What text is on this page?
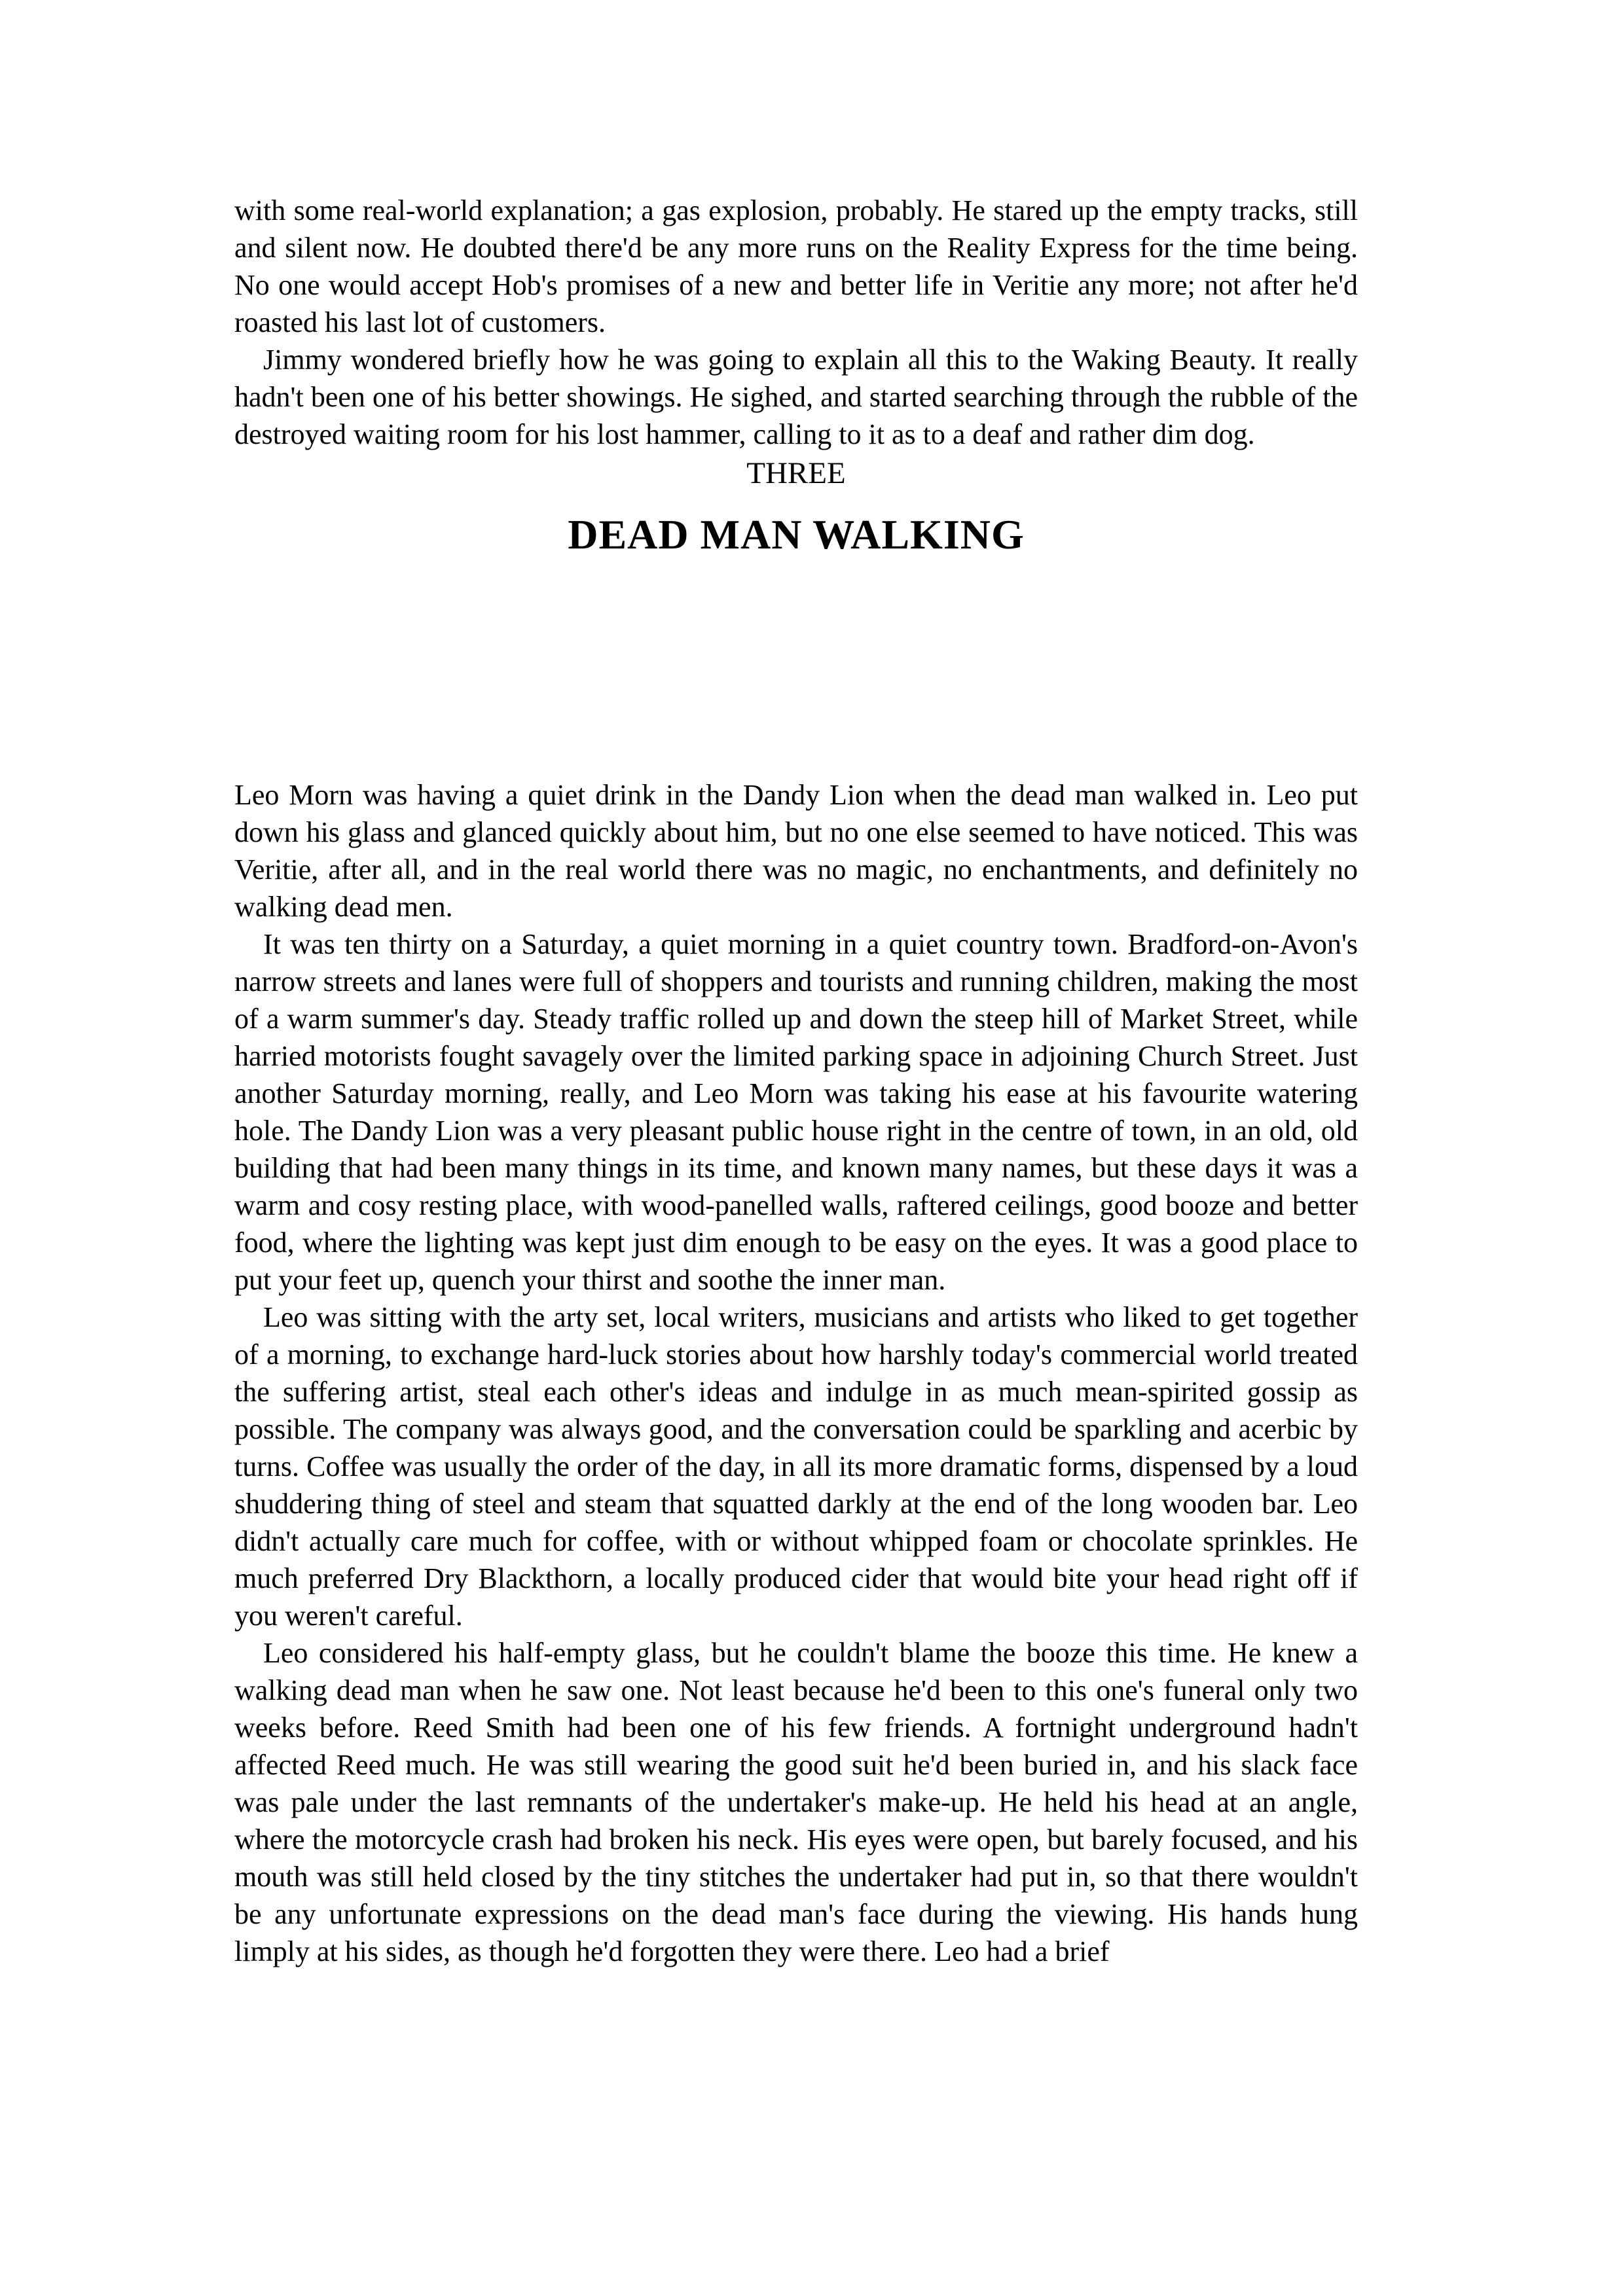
with some real-world explanation; a gas explosion, probably. He stared up the empty tracks, still and silent now. He doubted there'd be any more runs on the Reality Express for the time being. No one would accept Hob's promises of a new and better life in Veritie any more; not after he'd roasted his last lot of customers.

Jimmy wondered briefly how he was going to explain all this to the Waking Beauty. It really hadn't been one of his better showings. He sighed, and started searching through the rubble of the destroyed waiting room for his lost hammer, calling to it as to a deaf and rather dim dog.

THREE
DEAD MAN WALKING

Leo Morn was having a quiet drink in the Dandy Lion when the dead man walked in. Leo put down his glass and glanced quickly about him, but no one else seemed to have noticed. This was Veritie, after all, and in the real world there was no magic, no enchantments, and definitely no walking dead men.

It was ten thirty on a Saturday, a quiet morning in a quiet country town. Bradford-on-Avon's narrow streets and lanes were full of shoppers and tourists and running children, making the most of a warm summer's day. Steady traffic rolled up and down the steep hill of Market Street, while harried motorists fought savagely over the limited parking space in adjoining Church Street. Just another Saturday morning, really, and Leo Morn was taking his ease at his favourite watering hole. The Dandy Lion was a very pleasant public house right in the centre of town, in an old, old building that had been many things in its time, and known many names, but these days it was a warm and cosy resting place, with wood-panelled walls, raftered ceilings, good booze and better food, where the lighting was kept just dim enough to be easy on the eyes. It was a good place to put your feet up, quench your thirst and soothe the inner man.

Leo was sitting with the arty set, local writers, musicians and artists who liked to get together of a morning, to exchange hard-luck stories about how harshly today's commercial world treated the suffering artist, steal each other's ideas and indulge in as much mean-spirited gossip as possible. The company was always good, and the conversation could be sparkling and acerbic by turns. Coffee was usually the order of the day, in all its more dramatic forms, dispensed by a loud shuddering thing of steel and steam that squatted darkly at the end of the long wooden bar. Leo didn't actually care much for coffee, with or without whipped foam or chocolate sprinkles. He much preferred Dry Blackthorn, a locally produced cider that would bite your head right off if you weren't careful.

Leo considered his half-empty glass, but he couldn't blame the booze this time. He knew a walking dead man when he saw one. Not least because he'd been to this one's funeral only two weeks before. Reed Smith had been one of his few friends. A fortnight underground hadn't affected Reed much. He was still wearing the good suit he'd been buried in, and his slack face was pale under the last remnants of the undertaker's make-up. He held his head at an angle, where the motorcycle crash had broken his neck. His eyes were open, but barely focused, and his mouth was still held closed by the tiny stitches the undertaker had put in, so that there wouldn't be any unfortunate expressions on the dead man's face during the viewing. His hands hung limply at his sides, as though he'd forgotten they were there. Leo had a brief
